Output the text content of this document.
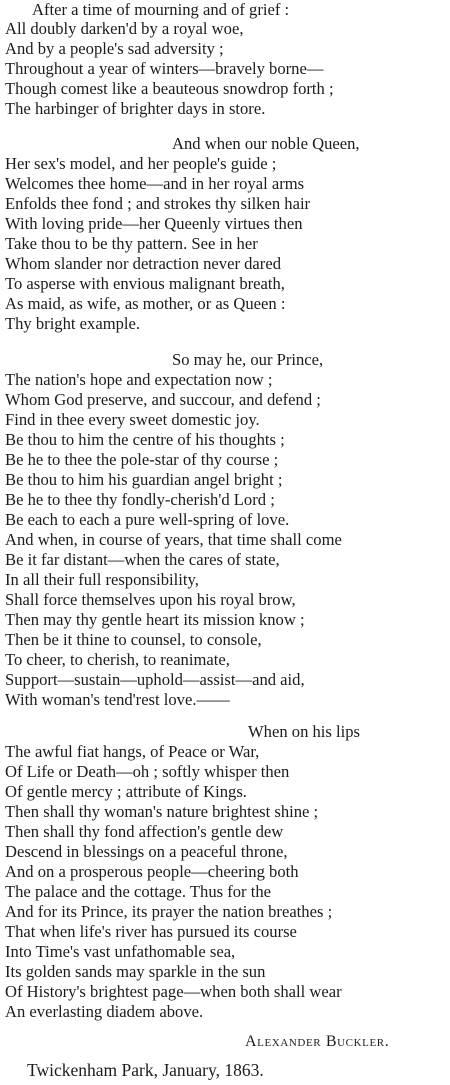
After a time of mourning and of grief :
All doubly darken'd by a royal woe,
And by a people's sad adversity ;
Throughout a year of winters—bravely borne—
Though comest like a beauteous snowdrop forth ;
The harbinger of brighter days in store.
And when our noble Queen,
Her sex's model, and her people's guide ;
Welcomes thee home—and in her royal arms
Enfolds thee fond ; and strokes thy silken hair
With loving pride—her Queenly virtues then
Take thou to be thy pattern. See in her
Whom slander nor detraction never dared
To asperse with envious malignant breath,
As maid, as wife, as mother, or as Queen :
Thy bright example.
So may he, our Prince,
The nation's hope and expectation now ;
Whom God preserve, and succour, and defend ;
Find in thee every sweet domestic joy.
Be thou to him the centre of his thoughts ;
Be he to thee the pole-star of thy course ;
Be thou to him his guardian angel bright ;
Be he to thee thy fondly-cherish'd Lord ;
Be each to each a pure well-spring of love.
And when, in course of years, that time shall come
Be it far distant—when the cares of state,
In all their full responsibility,
Shall force themselves upon his royal brow,
Then may thy gentle heart its mission know ;
Then be it thine to counsel, to console,
To cheer, to cherish, to reanimate,
Support—sustain—uphold—assist—and aid,
With woman's tend'rest love.——
When on his lips
The awful fiat hangs, of Peace or War,
Of Life or Death—oh ; softly whisper then
Of gentle mercy ; attribute of Kings.
Then shall thy woman's nature brightest shine ;
Then shall thy fond affection's gentle dew
Descend in blessings on a peaceful throne,
And on a prosperous people—cheering both
The palace and the cottage. Thus for the
And for its Prince, its prayer the nation breathes ;
That when life's river has pursued its course
Into Time's vast unfathomable sea,
Its golden sands may sparkle in the sun
Of History's brightest page—when both shall wear
An everlasting diadem above.
Alexander Buckler.
Twickenham Park, January, 1863.
